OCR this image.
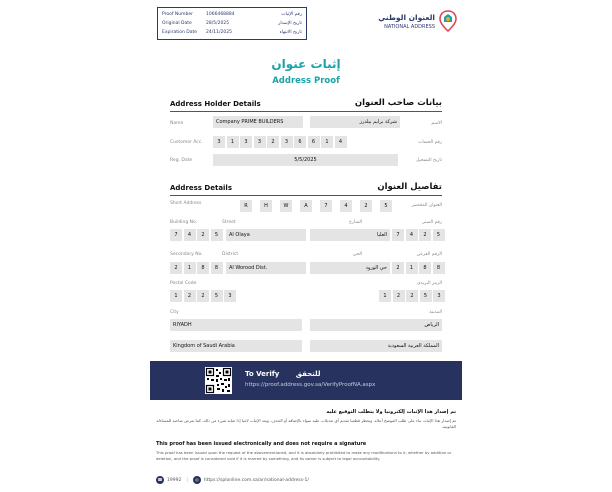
Proof Number	1066468884	رقم الإثبات
Original Date	28/5/2025	تاريخ الإصدار
Expiration Date	24/11/2025	تاريخ الانتهاء
العنوان الوطني
NATIONAL ADDRESS
إثبات عنوان
Address Proof
Address Holder Details	بيانات صاحب العنوان
Name	Company PRIME BUILDERS	شركة برايم بيلدرز	الاسم
Customer Acc.	3	1	3	3	2	3	6	6	1	4	رقم الحساب
Reg. Date	5/5/2025	تاريخ التسجيل
Address Details	تفاصيل العنوان
Short Address	R	H	W	A	7	4	2	5	العنوان المختصر
Building No.	Street	رقم المبنى
الشارع
7	4	2	5	Al Olaya	العليا	7	4	2	5
Secondary No.	District	الرقم الفرعي
الحي
2	1	8	8	Al Worood Dist.	حي الورود	2	1	8	8
Postal Code	الرمز البريدي
1	2	2	5	3	1	2	2	5	3
City	المدينة
RIYADH	الرياض
Kingdom of Saudi Arabia	المملكة العربية السعودية
To Verify للتحقق
https://proof.address.gov.sa/VerifyProofNA.aspx
تم إصدار هذا الإثبات إلكترونيا ولا يتطلب التوقيع عليه
تم إصدار هذا الإثبات بناء على طلب الموضح أعلاه، ويحظر قطعيا تقديم أي تعديلات عليه سواء بالإضافة أو الحذف، ويعد الإثبات لاغيا إذا شابه شيء من ذلك، كما يعرض صاحبه للمساءلة القانونية.
This proof has been issued electronically and does not require a signature
This proof has been issued upon the request of the abovementioned, and it is absolutely prohibited to make any modifications to it, whether by addition or deletion, and the proof is considered void if it is marred by something, and its owner is subject to legal accountability.
☎	19992 |	◎	https://splonline.com.sa/ar/national-address-1/
